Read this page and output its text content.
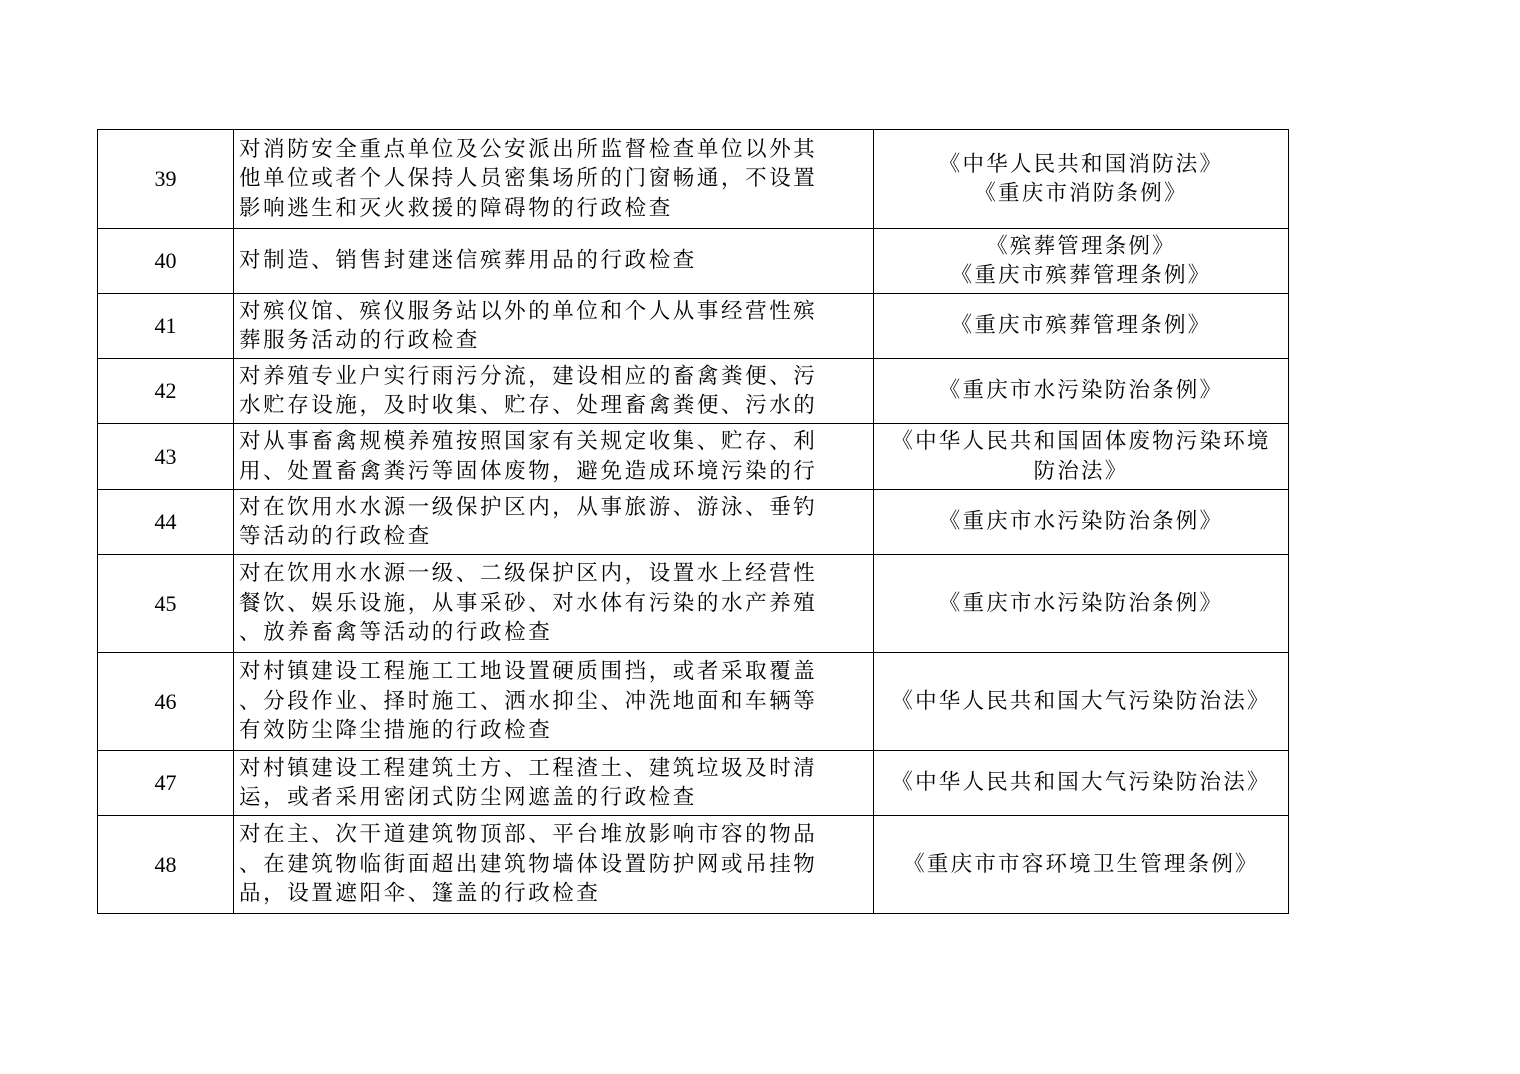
39	对消防安全重点单位及公安派出所监督检查单位以外其
他单位或者个人保持人员密集场所的门窗畅通，不设置
影响逃生和灭火救援的障碍物的行政检查	《中华人民共和国消防法》
《重庆市消防条例》

40	对制造、销售封建迷信殡葬用品的行政检查	《殡葬管理条例》
《重庆市殡葬管理条例》

41	对殡仪馆、殡仪服务站以外的单位和个人从事经营性殡
葬服务活动的行政检查	《重庆市殡葬管理条例》

42	对养殖专业户实行雨污分流，建设相应的畜禽粪便、污
水贮存设施，及时收集、贮存、处理畜禽粪便、污水的	《重庆市水污染防治条例》

43	对从事畜禽规模养殖按照国家有关规定收集、贮存、利
用、处置畜禽粪污等固体废物，避免造成环境污染的行	《中华人民共和国固体废物污染环境
防治法》

44	对在饮用水水源一级保护区内，从事旅游、游泳、垂钓
等活动的行政检查	《重庆市水污染防治条例》

45	对在饮用水水源一级、二级保护区内，设置水上经营性
餐饮、娱乐设施，从事采砂、对水体有污染的水产养殖
、放养畜禽等活动的行政检查	《重庆市水污染防治条例》

46	对村镇建设工程施工工地设置硬质围挡，或者采取覆盖
、分段作业、择时施工、洒水抑尘、冲洗地面和车辆等
有效防尘降尘措施的行政检查	《中华人民共和国大气污染防治法》

47	对村镇建设工程建筑土方、工程渣土、建筑垃圾及时清
运，或者采用密闭式防尘网遮盖的行政检查	《中华人民共和国大气污染防治法》

48	对在主、次干道建筑物顶部、平台堆放影响市容的物品
、在建筑物临街面超出建筑物墙体设置防护网或吊挂物
品，设置遮阳伞、篷盖的行政检查	《重庆市市容环境卫生管理条例》
